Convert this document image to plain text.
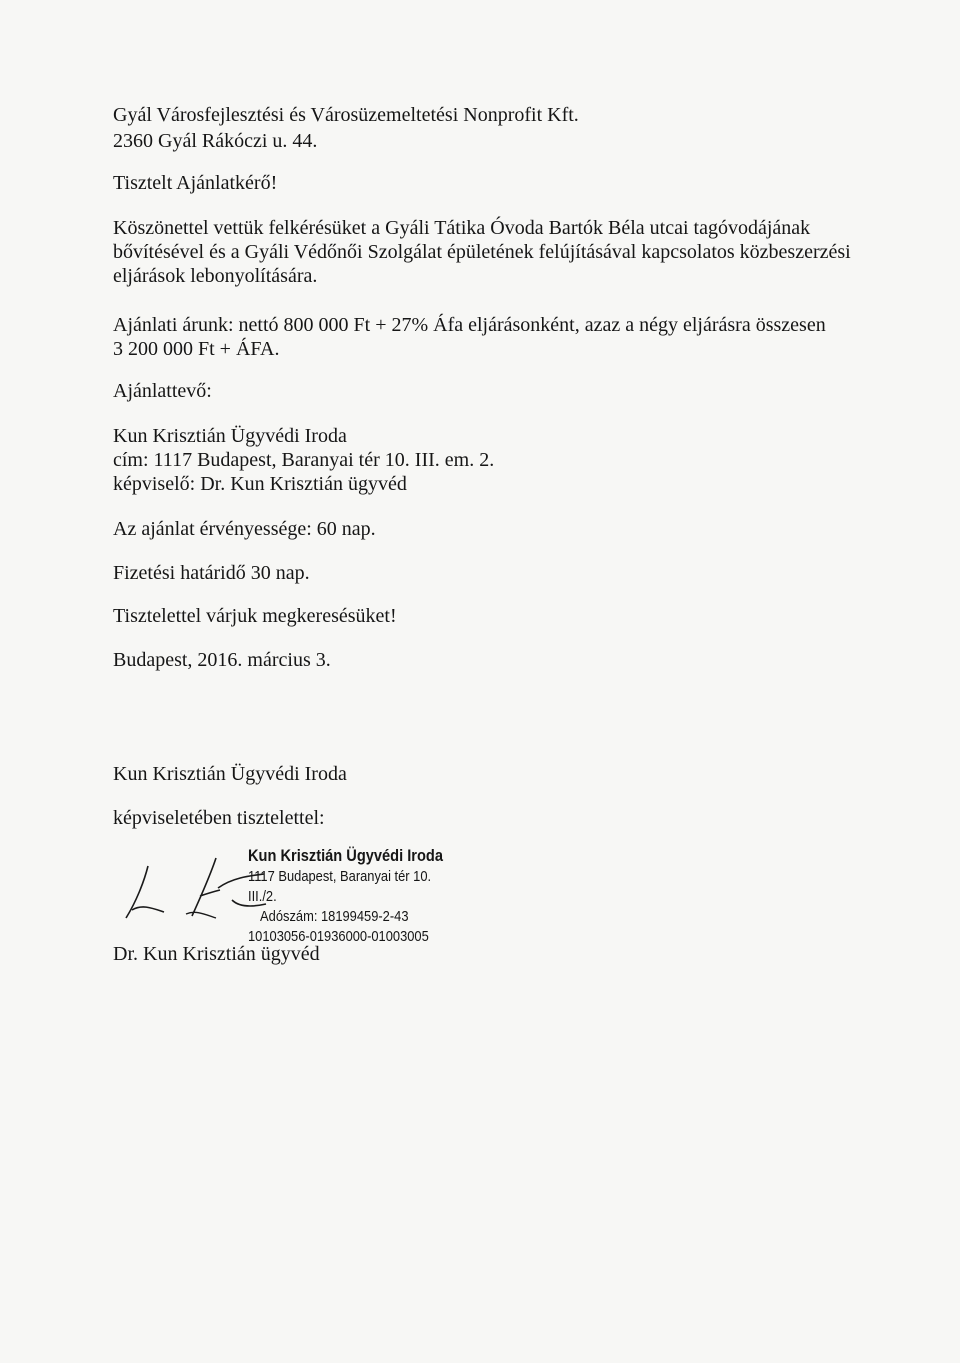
Gyál Városfejlesztési és Városüzemeltetési Nonprofit Kft.
2360 Gyál Rákóczi u. 44.
Tisztelt Ajánlatkérő!
Köszönettel vettük felkérésüket a Gyáli Tátika Óvoda Bartók Béla utcai tagóvodájának
bővítésével és a Gyáli Védőnői Szolgálat épületének felújításával kapcsolatos közbeszerzési
eljárások lebonyolítására.
Ajánlati árunk: nettó 800 000 Ft + 27% Áfa eljárásonként, azaz a négy eljárásra összesen
3 200 000 Ft + ÁFA.
Ajánlattevő:
Kun Krisztián Ügyvédi Iroda
cím: 1117 Budapest, Baranyai tér 10. III. em. 2.
képviselő: Dr. Kun Krisztián ügyvéd
Az ajánlat érvényessége: 60 nap.
Fizetési határidő 30 nap.
Tisztelettel várjuk megkeresésüket!
Budapest, 2016. március 3.
Kun Krisztián Ügyvédi Iroda
képviseletében tisztelettel:
Kun Krisztián Ügyvédi Iroda
1117 Budapest, Baranyai tér 10. III./2.
Adószám: 18199459-2-43
10103056-01936000-01003005
Dr. Kun Krisztián ügyvéd
